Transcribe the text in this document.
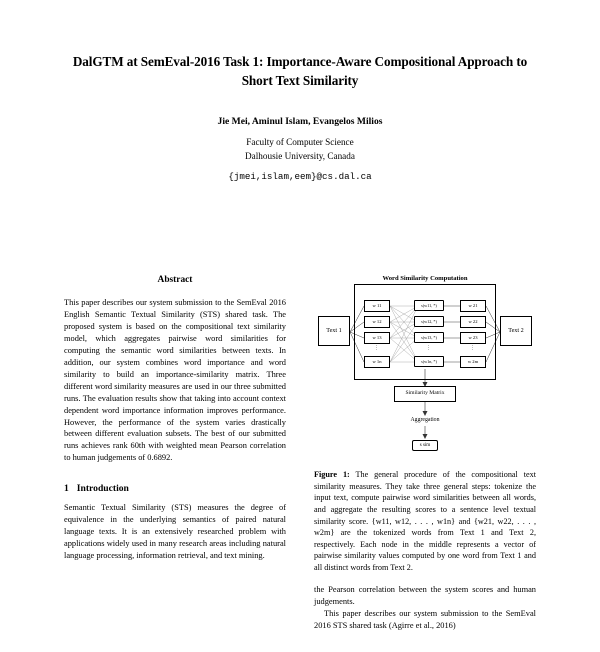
DalGTM at SemEval-2016 Task 1: Importance-Aware Compositional Approach to Short Text Similarity
Jie Mei, Aminul Islam, Evangelos Milios
Faculty of Computer Science
Dalhousie University, Canada
{jmei,islam,eem}@cs.dal.ca
Abstract

This paper describes our system submission to the SemEval 2016 English Semantic Textual Similarity (STS) shared task. The proposed system is based on the compositional text similarity model, which aggregates pairwise word similarities for computing the semantic word similarities between texts. In addition, our system combines word importance and word similarity to build an importance-similarity matrix. Three different word similarity measures are used in our three submitted runs. The evaluation results show that taking into account context dependent word importance information improves performance. However, the performance of the system varies drastically between different evaluation subsets. The best of our submitted runs achieves rank 60th with weighted mean Pearson correlation to human judgements of 0.6892.

1 Introduction

Semantic Textual Similarity (STS) measures the degree of equivalence in the underlying semantics of paired natural language texts. It is an extensively researched problem with applications widely used in many research areas including natural language processing, information retrieval, and text mining.

Word Similarity Computation
Text 1	Text 2
w 11
w 12
w 13
w 1n
⋮
w 21
w 22
w 23
w 2m
⋮
s(w11, *)
s(w12, *)
s(w13, *)
s(w1n, *)
⋮
Similarity Matrix
Aggregation
s sim

Figure 1: The general procedure of the compositional text similarity measures. They take three general steps: tokenize the input text, compute pairwise word similarities between all words, and aggregate the resulting scores to a sentence level textual similarity score. {w11, w12, . . . , w1n} and {w21, w22, . . . , w2m} are the tokenized words from Text 1 and Text 2, respectively. Each node in the middle represents a vector of pairwise similarity values computed by one word from Text 1 and all distinct words from Text 2.

the Pearson correlation between the system scores and human judgements.

This paper describes our system submission to the SemEval 2016 STS shared task (Agirre et al., 2016)
